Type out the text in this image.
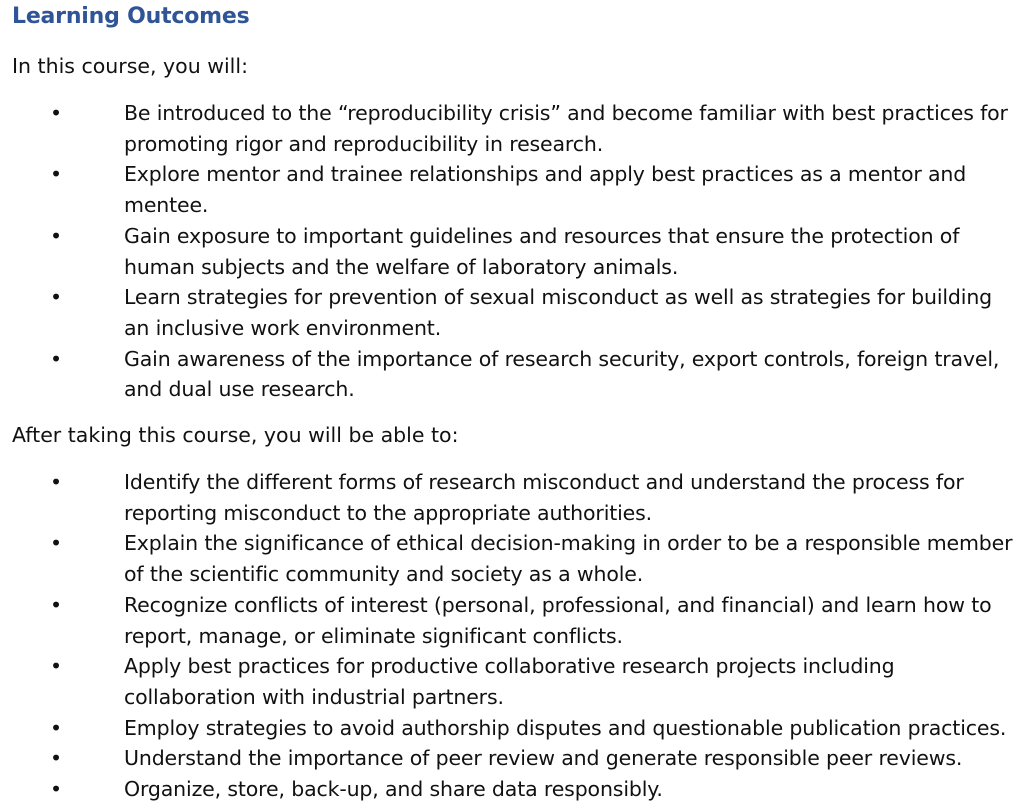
Learning Outcomes
In this course, you will:
•	Be introduced to the “reproducibility crisis” and become familiar with best practices for
promoting rigor and reproducibility in research.
•	Explore mentor and trainee relationships and apply best practices as a mentor and
mentee.
•	Gain exposure to important guidelines and resources that ensure the protection of
human subjects and the welfare of laboratory animals.
•	Learn strategies for prevention of sexual misconduct as well as strategies for building
an inclusive work environment.
•	Gain awareness of the importance of research security, export controls, foreign travel,
and dual use research.
After taking this course, you will be able to:
•	Identify the different forms of research misconduct and understand the process for
reporting misconduct to the appropriate authorities.
•	Explain the significance of ethical decision-making in order to be a responsible member
of the scientific community and society as a whole.
•	Recognize conflicts of interest (personal, professional, and financial) and learn how to
report, manage, or eliminate significant conflicts.
•	Apply best practices for productive collaborative research projects including
collaboration with industrial partners.
•	Employ strategies to avoid authorship disputes and questionable publication practices.
•	Understand the importance of peer review and generate responsible peer reviews.
•	Organize, store, back-up, and share data responsibly.
